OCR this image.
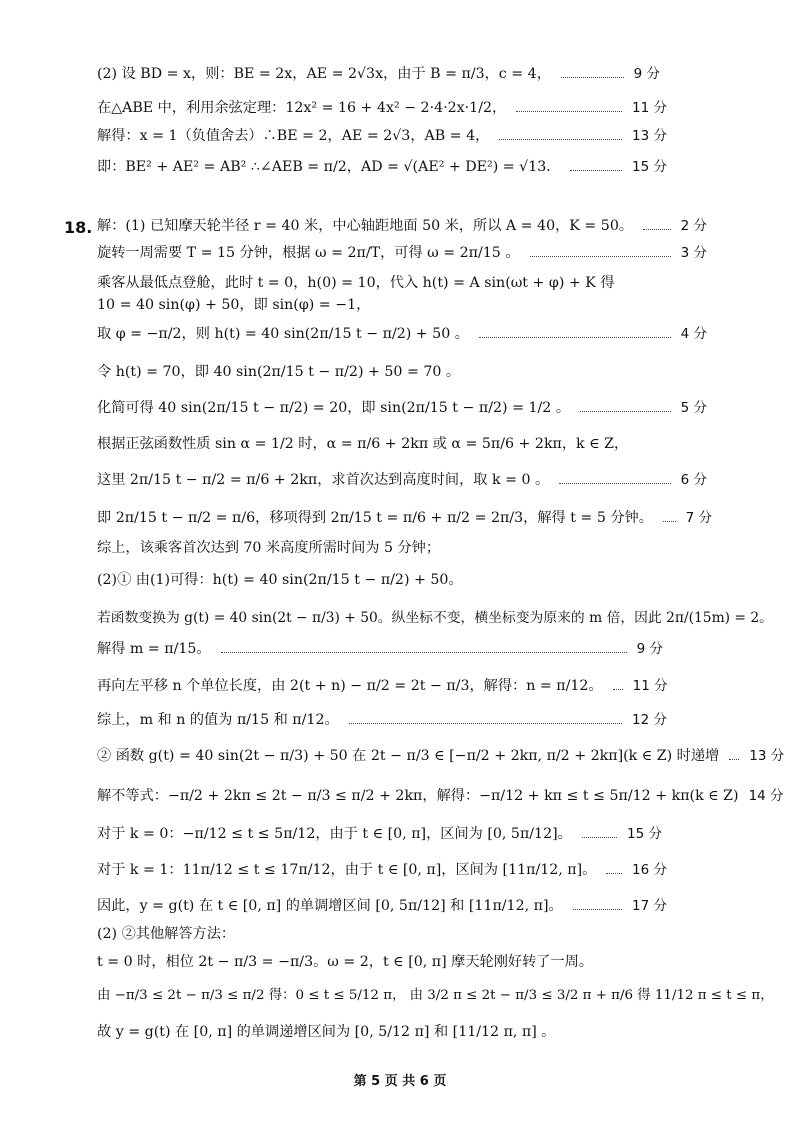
(2) 设 BD = x，则：BE = 2x，AE = 2√3x，由于 B = π/3，c = 4，	9 分
在△ABE 中，利用余弦定理：12x² = 16 + 4x² − 2·4·2x·1/2，	11 分
解得：x = 1（负值舍去）∴BE = 2，AE = 2√3，AB = 4，	13 分
即：BE² + AE² = AB² ∴∠AEB = π/2，AD = √(AE² + DE²) = √13．	15 分
18. 解：(1) 已知摩天轮半径 r = 40 米，中心轴距地面 50 米，所以 A = 40，K = 50。	2 分
旋转一周需要 T = 15 分钟，根据 ω = 2π/T，可得 ω = 2π/15 。	3 分
乘客从最低点登舱，此时 t = 0，h(0) = 10，代入 h(t) = A sin(ωt + φ) + K 得
10 = 40 sin(φ) + 50，即 sin(φ) = −1，
取 φ = −π/2，则 h(t) = 40 sin(2π/15 t − π/2) + 50 。	4 分
令 h(t) = 70，即 40 sin(2π/15 t − π/2) + 50 = 70 。
化简可得 40 sin(2π/15 t − π/2) = 20，即 sin(2π/15 t − π/2) = 1/2 。	5 分
根据正弦函数性质 sin α = 1/2 时，α = π/6 + 2kπ 或 α = 5π/6 + 2kπ，k ∈ Z，
这里 2π/15 t − π/2 = π/6 + 2kπ，求首次达到高度时间，取 k = 0 。	6 分
即 2π/15 t − π/2 = π/6，移项得到 2π/15 t = π/6 + π/2 = 2π/3，解得 t = 5 分钟。 7 分
综上，该乘客首次达到 70 米高度所需时间为 5 分钟；
(2)① 由(1)可得：h(t) = 40 sin(2π/15 t − π/2) + 50。
若函数变换为 g(t) = 40 sin(2t − π/3) + 50。纵坐标不变，横坐标变为原来的 m 倍，因此 2π/(15m) = 2。
解得 m = π/15。	9 分
再向左平移 n 个单位长度，由 2(t + n) − π/2 = 2t − π/3，解得：n = π/12。 11 分
综上，m 和 n 的值为 π/15 和 π/12。	12 分
② 函数 g(t) = 40 sin(2t − π/3) + 50 在 2t − π/3 ∈ [−π/2 + 2kπ, π/2 + 2kπ](k ∈ Z) 时递增 13 分
解不等式：−π/2 + 2kπ ≤ 2t − π/3 ≤ π/2 + 2kπ，解得：−π/12 + kπ ≤ t ≤ 5π/12 + kπ(k ∈ Z) 14 分
对于 k = 0：−π/12 ≤ t ≤ 5π/12，由于 t ∈ [0, π]，区间为 [0, 5π/12]。	15 分
对于 k = 1：11π/12 ≤ t ≤ 17π/12，由于 t ∈ [0, π]，区间为 [11π/12, π]。	16 分
因此，y = g(t) 在 t ∈ [0, π] 的单调增区间 [0, 5π/12] 和 [11π/12, π]。	17 分
(2) ②其他解答方法：
t = 0 时，相位 2t − π/3 = −π/3。ω = 2，t ∈ [0, π] 摩天轮刚好转了一周。
由 −π/3 ≤ 2t − π/3 ≤ π/2 得：0 ≤ t ≤ 5/12 π， 由 3/2 π ≤ 2t − π/3 ≤ 3/2 π + π/6 得 11/12 π ≤ t ≤ π，
故 y = g(t) 在 [0, π] 的单调递增区间为 [0, 5/12 π] 和 [11/12 π, π] 。
第 5 页 共 6 页
